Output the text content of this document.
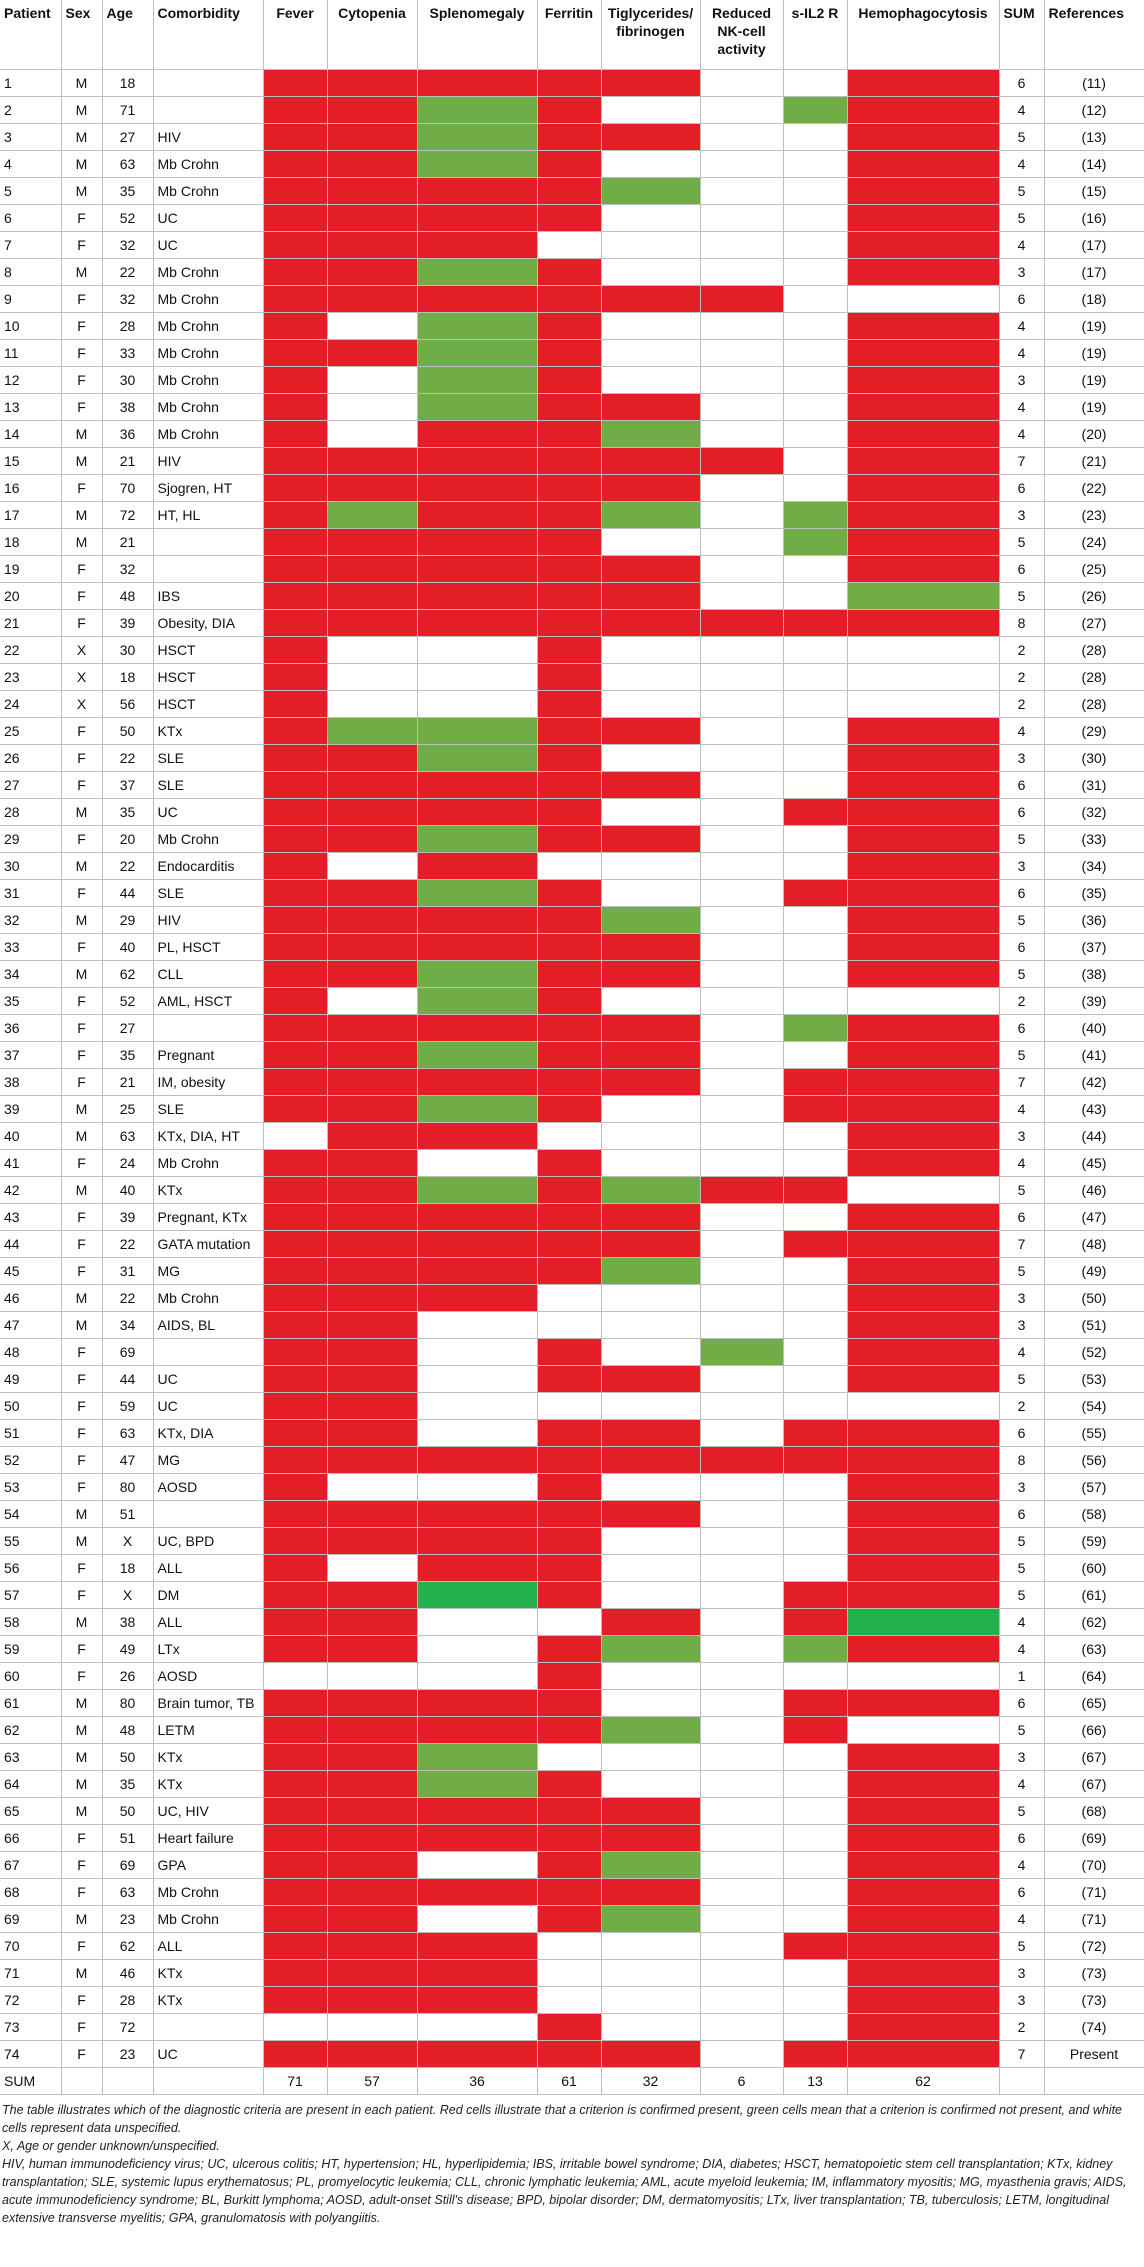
Patient	Sex	Age	Comorbidity	Fever	Cytopenia	Splenomegaly	Ferritin	Tiglycerides/
fibrinogen	Reduced
NK-cell
activity	s-IL2 R	Hemophagocytosis	SUM	References
1	M	18										6	(11)
2	M	71										4	(12)
3	M	27	HIV									5	(13)
4	M	63	Mb Crohn									4	(14)
5	M	35	Mb Crohn									5	(15)
6	F	52	UC									5	(16)
7	F	32	UC									4	(17)
8	M	22	Mb Crohn									3	(17)
9	F	32	Mb Crohn									6	(18)
10	F	28	Mb Crohn									4	(19)
11	F	33	Mb Crohn									4	(19)
12	F	30	Mb Crohn									3	(19)
13	F	38	Mb Crohn									4	(19)
14	M	36	Mb Crohn									4	(20)
15	M	21	HIV									7	(21)
16	F	70	Sjogren, HT									6	(22)
17	M	72	HT, HL									3	(23)
18	M	21										5	(24)
19	F	32										6	(25)
20	F	48	IBS									5	(26)
21	F	39	Obesity, DIA									8	(27)
22	X	30	HSCT									2	(28)
23	X	18	HSCT									2	(28)
24	X	56	HSCT									2	(28)
25	F	50	KTx									4	(29)
26	F	22	SLE									3	(30)
27	F	37	SLE									6	(31)
28	M	35	UC									6	(32)
29	F	20	Mb Crohn									5	(33)
30	M	22	Endocarditis									3	(34)
31	F	44	SLE									6	(35)
32	M	29	HIV									5	(36)
33	F	40	PL, HSCT									6	(37)
34	M	62	CLL									5	(38)
35	F	52	AML, HSCT									2	(39)
36	F	27										6	(40)
37	F	35	Pregnant									5	(41)
38	F	21	IM, obesity									7	(42)
39	M	25	SLE									4	(43)
40	M	63	KTx, DIA, HT									3	(44)
41	F	24	Mb Crohn									4	(45)
42	M	40	KTx									5	(46)
43	F	39	Pregnant, KTx									6	(47)
44	F	22	GATA mutation									7	(48)
45	F	31	MG									5	(49)
46	M	22	Mb Crohn									3	(50)
47	M	34	AIDS, BL									3	(51)
48	F	69										4	(52)
49	F	44	UC									5	(53)
50	F	59	UC									2	(54)
51	F	63	KTx, DIA									6	(55)
52	F	47	MG									8	(56)
53	F	80	AOSD									3	(57)
54	M	51										6	(58)
55	M	X	UC, BPD									5	(59)
56	F	18	ALL									5	(60)
57	F	X	DM									5	(61)
58	M	38	ALL									4	(62)
59	F	49	LTx									4	(63)
60	F	26	AOSD									1	(64)
61	M	80	Brain tumor, TB									6	(65)
62	M	48	LETM									5	(66)
63	M	50	KTx									3	(67)
64	M	35	KTx									4	(67)
65	M	50	UC, HIV									5	(68)
66	F	51	Heart failure									6	(69)
67	F	69	GPA									4	(70)
68	F	63	Mb Crohn									6	(71)
69	M	23	Mb Crohn									4	(71)
70	F	62	ALL									5	(72)
71	M	46	KTx									3	(73)
72	F	28	KTx									3	(73)
73	F	72										2	(74)
74	F	23	UC									7	Present
SUM				71	57	36	61	32	6	13	62		

The table illustrates which of the diagnostic criteria are present in each patient. Red cells illustrate that a criterion is confirmed present, green cells mean that a criterion is confirmed not present, and white cells represent data unspecified.

X, Age or gender unknown/unspecified.

HIV, human immunodeficiency virus; UC, ulcerous colitis; HT, hypertension; HL, hyperlipidemia; IBS, irritable bowel syndrome; DIA, diabetes; HSCT, hematopoietic stem cell transplantation; KTx, kidney transplantation; SLE, systemic lupus erythematosus; PL, promyelocytic leukemia; CLL, chronic lymphatic leukemia; AML, acute myeloid leukemia; IM, inflammatory myositis; MG, myasthenia gravis; AIDS, acute immunodeficiency syndrome; BL, Burkitt lymphoma; AOSD, adult-onset Still's disease; BPD, bipolar disorder; DM, dermatomyositis; LTx, liver transplantation; TB, tuberculosis; LETM, longitudinal extensive transverse myelitis; GPA, granulomatosis with polyangiitis.
